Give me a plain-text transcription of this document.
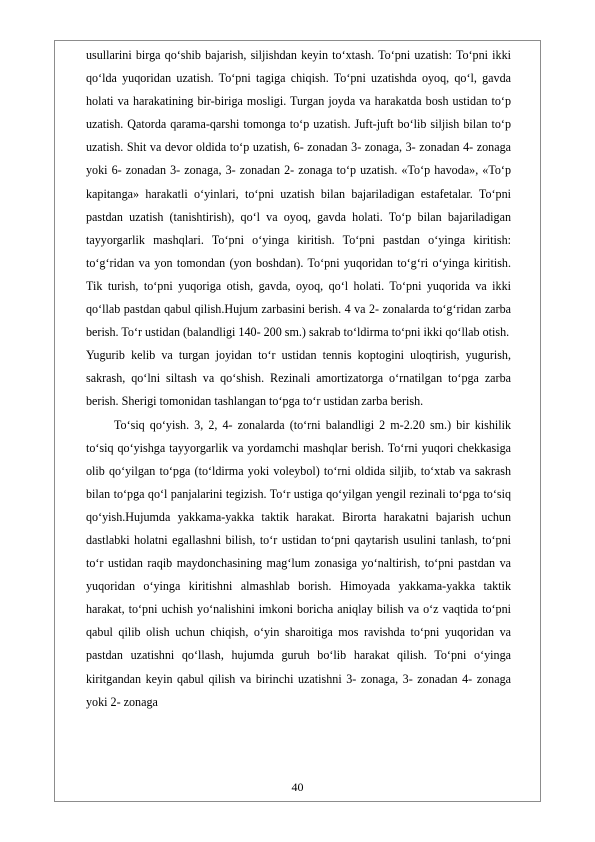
usullarini birga qo‘shib bajarish, siljishdan keyin to‘xtash. To‘pni uzatish: To‘pni ikki qo‘lda yuqoridan uzatish. To‘pni tagiga chiqish. To‘pni uzatishda oyoq, qo‘l, gavda holati va harakatining bir-biriga mosligi. Turgan joyda va harakatda bosh ustidan to‘p uzatish. Qatorda qarama-qarshi tomonga to‘p uzatish. Juft-juft bo‘lib siljish bilan to‘p uzatish. Shit va devor oldida to‘p uzatish, 6- zonadan 3- zonaga, 3- zonadan 4- zonaga yoki 6- zonadan 3- zonaga, 3- zonadan 2- zonaga to‘p uzatish. «To‘p havoda», «To‘p kapitanga» harakatli o‘yinlari, to‘pni uzatish bilan bajariladigan estafetalar. To‘pni pastdan uzatish (tanishtirish), qo‘l va oyoq, gavda holati. To‘p bilan bajariladigan tayyorgarlik mashqlari. To‘pni o‘yinga kiritish. To‘pni pastdan o‘yinga kiritish: to‘g‘ridan va yon tomondan (yon boshdan). To‘pni yuqoridan to‘g‘ri o‘yinga kiritish. Tik turish, to‘pni yuqoriga otish, gavda, oyoq, qo‘l holati. To‘pni yuqorida va ikki qo‘llab pastdan qabul qilish.Hujum zarbasini berish. 4 va 2- zonalarda to‘g‘ridan zarba berish. To‘r ustidan (balandligi 140- 200 sm.) sakrab to‘ldirma to‘pni ikki qo‘llab otish.

Yugurib kelib va turgan joyidan to‘r ustidan tennis koptogini uloqtirish, yugurish, sakrash, qo‘lni siltash va qo‘shish. Rezinali amortizatorga o‘rnatilgan to‘pga zarba berish. Sherigi tomonidan tashlangan to‘pga to‘r ustidan zarba berish.

To‘siq qo‘yish. 3, 2, 4- zonalarda (to‘rni balandligi 2 m-2.20 sm.) bir kishilik to‘siq qo‘yishga tayyorgarlik va yordamchi mashqlar berish. To‘rni yuqori chekkasiga olib qo‘yilgan to‘pga (to‘ldirma yoki voleybol) to‘rni oldida siljib, to‘xtab va sakrash bilan to‘pga qo‘l panjalarini tegizish. To‘r ustiga qo‘yilgan yengil rezinali to‘pga to‘siq qo‘yish.Hujumda yakkama-yakka taktik harakat. Birorta harakatni bajarish uchun dastlabki holatni egallashni bilish, to‘r ustidan to‘pni qaytarish usulini tanlash, to‘pni to‘r ustidan raqib maydonchasining mag‘lum zonasiga yo‘naltirish, to‘pni pastdan va yuqoridan o‘yinga kiritishni almashlab borish. Himoyada yakkama-yakka taktik harakat, to‘pni uchish yo‘nalishini imkoni boricha aniqlay bilish va o‘z vaqtida to‘pni qabul qilib olish uchun chiqish, o‘yin sharoitiga mos ravishda to‘pni yuqoridan va pastdan uzatishni qo‘llash, hujumda guruh bo‘lib harakat qilish. To‘pni o‘yinga kiritgandan keyin qabul qilish va birinchi uzatishni 3- zonaga, 3- zonadan 4- zonaga yoki 2- zonaga

40
